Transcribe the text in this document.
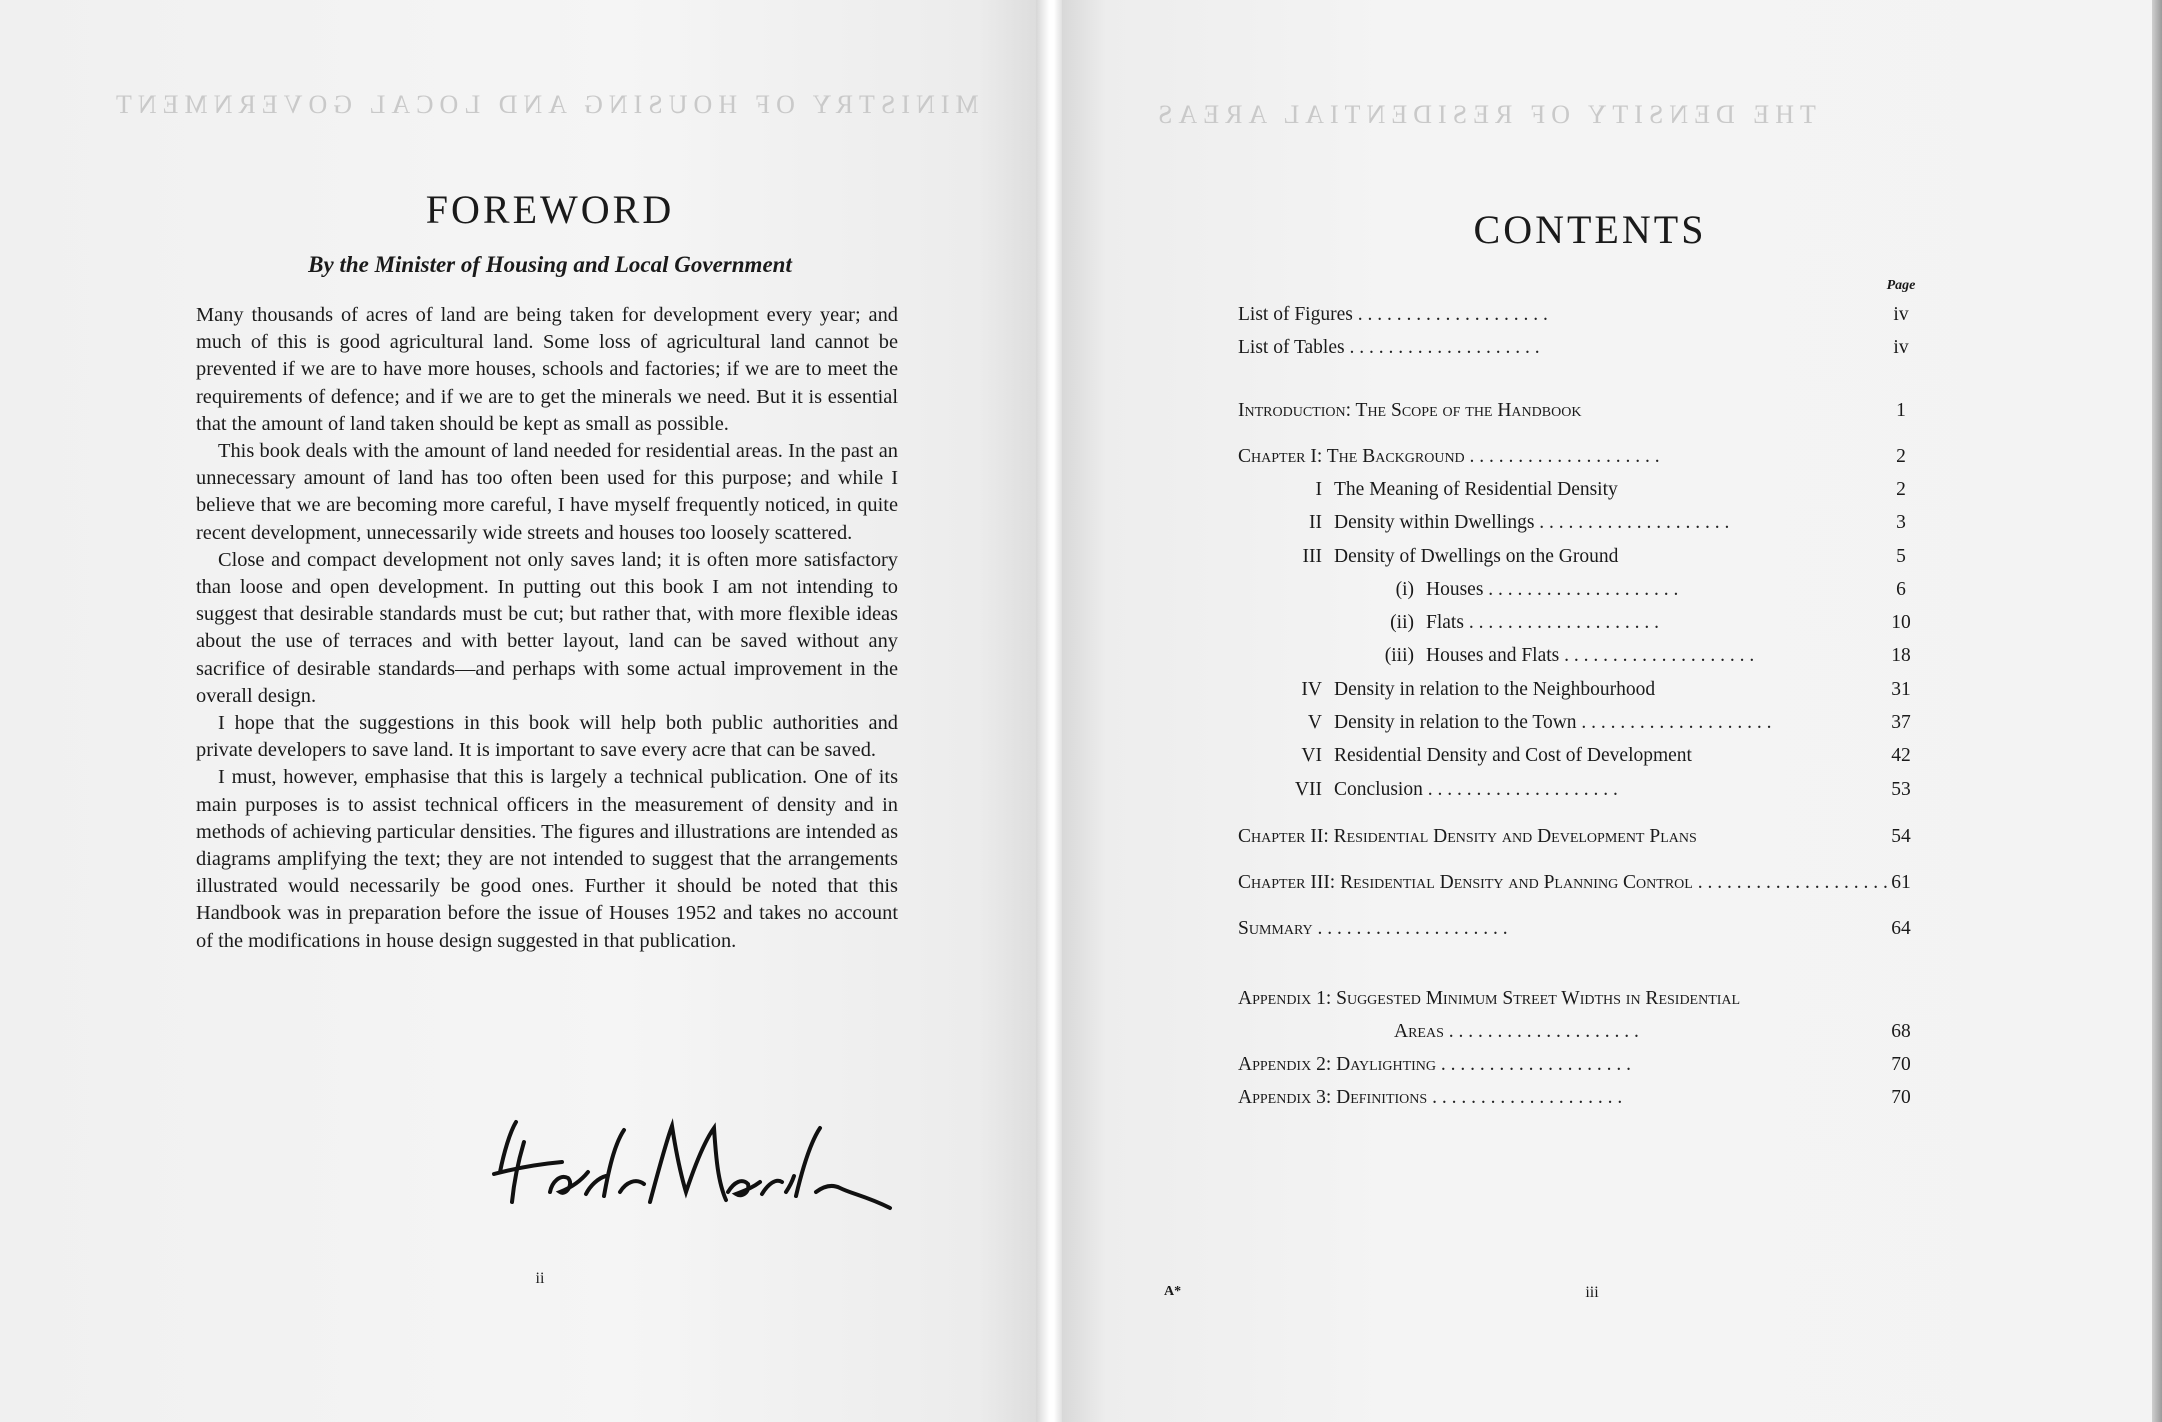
MINISTRY OF HOUSING AND LOCAL GOVERNMENT	THE DENSITY OF RESIDENTIAL AREAS
FOREWORD
By the Minister of Housing and Local Government

Many thousands of acres of land are being taken for development every year; and much of this is good agricultural land. Some loss of agricultural land cannot be prevented if we are to have more houses, schools and factories; if we are to meet the requirements of defence; and if we are to get the minerals we need. But it is essential that the amount of land taken should be kept as small as possible.

This book deals with the amount of land needed for residential areas. In the past an unnecessary amount of land has too often been used for this purpose; and while I believe that we are becoming more careful, I have myself frequently noticed, in quite recent development, unnecessarily wide streets and houses too loosely scattered.

Close and compact development not only saves land; it is often more satisfactory than loose and open development. In putting out this book I am not intending to suggest that desirable standards must be cut; but rather that, with more flexible ideas about the use of terraces and with better layout, land can be saved without any sacrifice of desirable standards—and perhaps with some actual improvement in the overall design.

I hope that the suggestions in this book will help both public authorities and private developers to save land. It is important to save every acre that can be saved.

I must, however, emphasise that this is largely a technical publication. One of its main purposes is to assist technical officers in the measurement of density and in methods of achieving particular densities. The figures and illustrations are intended as diagrams amplifying the text; they are not intended to suggest that the arrangements illustrated would necessarily be good ones. Further it should be noted that this Handbook was in preparation before the issue of Houses 1952 and takes no account of the modifications in house design suggested in that publication.

ii
CONTENTS
Page
List of Figures . . . . . . . . . . . . . . . . . . . .	iv
List of Tables . . . . . . . . . . . . . . . . . . . .	iv
Introduction: The Scope of the Handbook	1
Chapter I: The Background . . . . . . . . . . . . . . . . . . . .	2
I The Meaning of Residential Density	2
II Density within Dwellings . . . . . . . . . . . . . . . . . . . .	3
III Density of Dwellings on the Ground	5
(i) Houses . . . . . . . . . . . . . . . . . . . .	6
(ii) Flats . . . . . . . . . . . . . . . . . . . .	10
(iii) Houses and Flats . . . . . . . . . . . . . . . . . . . .	18
IV Density in relation to the Neighbourhood	31
V Density in relation to the Town . . . . . . . . . . . . . . . . . . . .	37
VI Residential Density and Cost of Development	42
VII Conclusion . . . . . . . . . . . . . . . . . . . .	53
Chapter II: Residential Density and Development Plans	54
Chapter III: Residential Density and Planning Control . . . . . . . . . . . . . . . . . . . . 61
Summary . . . . . . . . . . . . . . . . . . . .	64
Appendix 1: Suggested Minimum Street Widths in Residential
Areas . . . . . . . . . . . . . . . . . . . .	68
Appendix 2: Daylighting . . . . . . . . . . . . . . . . . . . .	70
Appendix 3: Definitions . . . . . . . . . . . . . . . . . . . .	70
A*	iii
